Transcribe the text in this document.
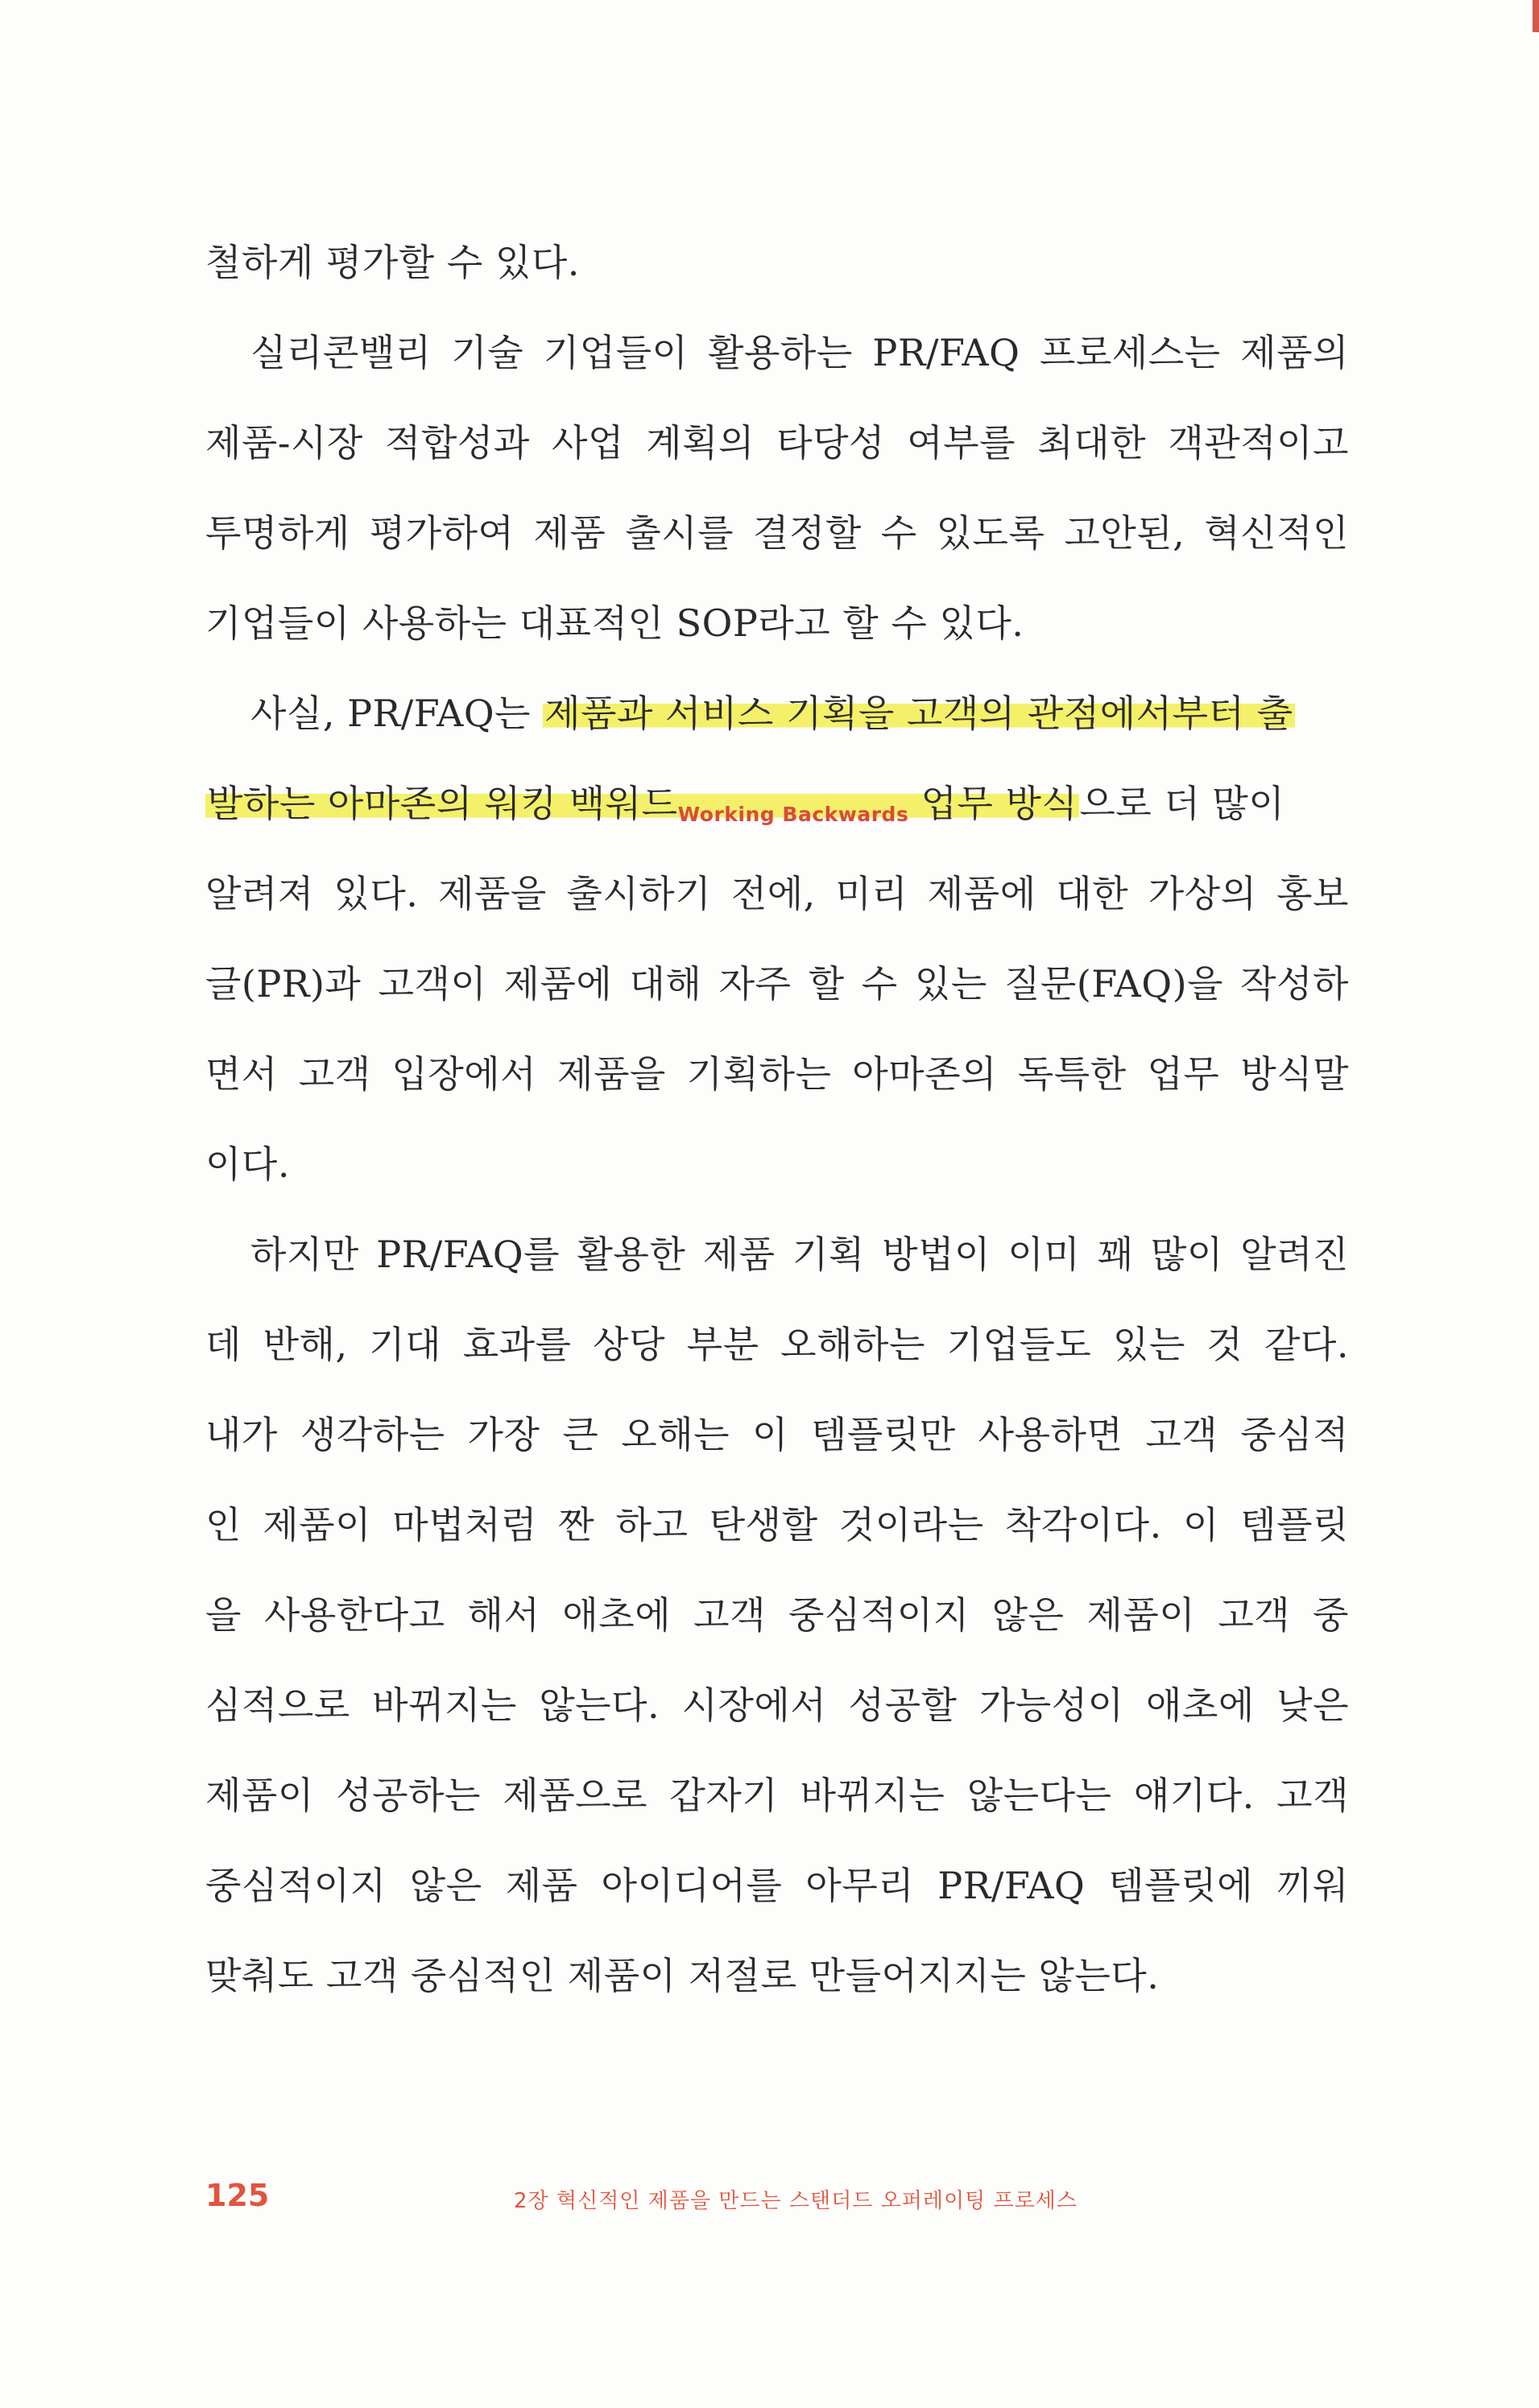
철하게 평가할 수 있다.
실리콘밸리 기술 기업들이 활용하는 PR/FAQ 프로세스는 제품의
제품-시장 적합성과 사업 계획의 타당성 여부를 최대한 객관적이고
투명하게 평가하여 제품 출시를 결정할 수 있도록 고안된, 혁신적인
기업들이 사용하는 대표적인 SOP라고 할 수 있다.
사실, PR/FAQ는 제품과 서비스 기획을 고객의 관점에서부터 출
발하는 아마존의 워킹 백워드Working Backwards 업무 방식으로 더 많이
알려져 있다. 제품을 출시하기 전에, 미리 제품에 대한 가상의 홍보
글(PR)과 고객이 제품에 대해 자주 할 수 있는 질문(FAQ)을 작성하
면서 고객 입장에서 제품을 기획하는 아마존의 독특한 업무 방식말
이다.
하지만 PR/FAQ를 활용한 제품 기획 방법이 이미 꽤 많이 알려진
데 반해, 기대 효과를 상당 부분 오해하는 기업들도 있는 것 같다.
내가 생각하는 가장 큰 오해는 이 템플릿만 사용하면 고객 중심적
인 제품이 마법처럼 짠 하고 탄생할 것이라는 착각이다. 이 템플릿
을 사용한다고 해서 애초에 고객 중심적이지 않은 제품이 고객 중
심적으로 바뀌지는 않는다. 시장에서 성공할 가능성이 애초에 낮은
제품이 성공하는 제품으로 갑자기 바뀌지는 않는다는 얘기다. 고객
중심적이지 않은 제품 아이디어를 아무리 PR/FAQ 템플릿에 끼워
맞춰도 고객 중심적인 제품이 저절로 만들어지지는 않는다.
125	2장 혁신적인 제품을 만드는 스탠더드 오퍼레이팅 프로세스
